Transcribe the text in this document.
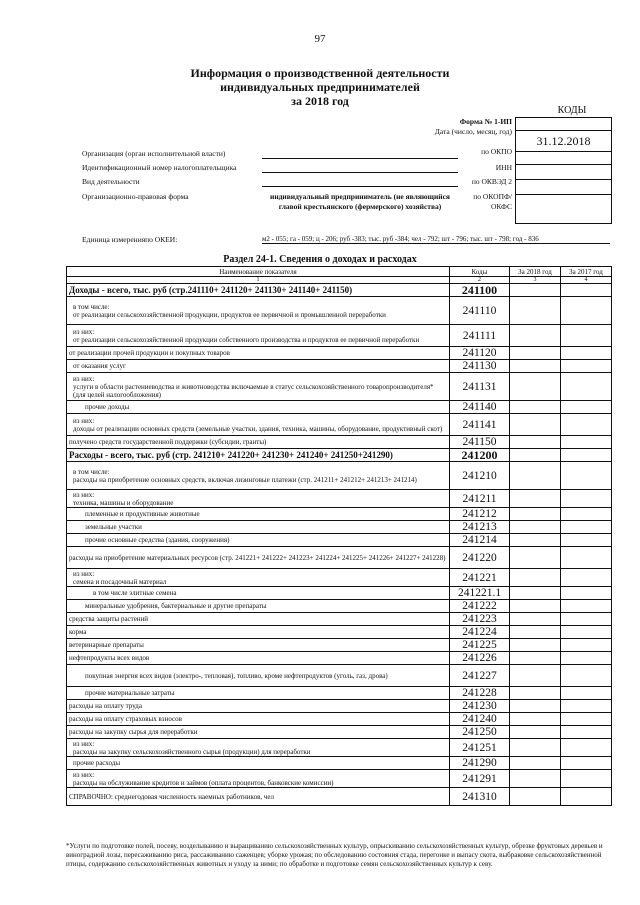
97
Информация о производственной деятельности
индивидуальных предпринимателей
за 2018 год
КОДЫ
Форма № 1-ИП
Дата (число, месяц, год)
по ОКПО
31.12.2018
ИНН
по ОКВЭД 2
по ОКОПФ/ ОКФС
Организация (орган исполнительной власти)
Идентификационный номер налогоплательщика
Вид деятельности
Организационно-правовая форма	индивидуальный предприниматель (не являющийся главой крестьянского (фермерского) хозяйства)
Единица измеренияпо ОКЕИ:	м2 - 055; га - 059; ц - 206; руб -383; тыс. руб -384; чел - 792; шт - 796; тыс. шт - 798; год - 836
Раздел 24-1. Сведения о доходах и расходах
Наименование показателя	Коды	За 2018 год	За 2017 год
1	2	3	4
Доходы - всего, тыс. руб (стр.241110+ 241120+ 241130+ 241140+ 241150)	241100		
в том числе:
от реализации сельскохозяйственной продукции, продуктов ее первичной и промышленной переработки	241110		
из них:
от реализации сельскохозяйственной продукции собственного производства и продуктов ее первичной переработки	241111		
от реализации прочей продукции и покупных товаров	241120		
от оказания услуг	241130		
из них:
услуги в области растениеводства и животноводства включаемые в статус сельскохозяйственного товаропроизводителя* (для целей налогообложения)	241131		
прочие доходы	241140		
из них:
доходы от реализации основных средств (земельные участки, здания, техника, машины, оборудование, продуктивный скот)	241141		
получено средств государственной поддержки (субсидии, гранты)	241150		
Расходы - всего, тыс. руб (стр. 241210+ 241220+ 241230+ 241240+ 241250+241290)	241200		
в том числе:
расходы на приобретение основных средств, включая лизинговые платежи (стр. 241211+ 241212+ 241213+ 241214)	241210		
из них:
техника, машины и оборудование	241211		
племенные и продуктивные животные	241212		
земельные участки	241213		
прочие основные средства (здания, сооружения)	241214		
расходы на приобретение материальных ресурсов (стр. 241221+ 241222+ 241223+ 241224+ 241225+ 241226+ 241227+ 241228)	241220		
из них:
семена и посадочный материал	241221		
в том числе элитные семена	241221.1		
минеральные удобрения, бактериальные и другие препараты	241222		
средства защиты растений	241223		
корма	241224		
ветеринарные препараты	241225		
нефтепродукты всех видов	241226		
покупная энергия всех видов (электро-, тепловая), топливо, кроме нефтепродуктов (уголь, газ, дрова)	241227		
прочие материальные затраты	241228		
расходы на оплату труда	241230		
расходы на оплату страховых взносов	241240		
расходы на закупку сырья для переработки	241250		
из них:
расходы на закупку сельскохозяйственного сырья (продукции) для переработки	241251		
прочие расходы	241290		
из них:
расходы на обслуживание кредитов и займов (оплата процентов, банковские комиссии)	241291		
СПРАВОЧНО: среднегодовая численность наемных работников, чел	241310		
*Услуги по подготовке полей, посеву, возделыванию и выращиванию сельскохозяйственных культур, опрыскиванию сельскохозяйственных культур, обрезке фруктовых деревьев и виноградной лозы, пересаживанию риса, рассаживанию саженцев; уборке урожая; по обследованию состояния стада, перегонке и выпасу скота, выбраковке сельскохозяйственной птицы, содержанию сельскохозяйственных животных и уходу за ними; по обработке и подготовке семян сельскохозяйственных культур к севу.
